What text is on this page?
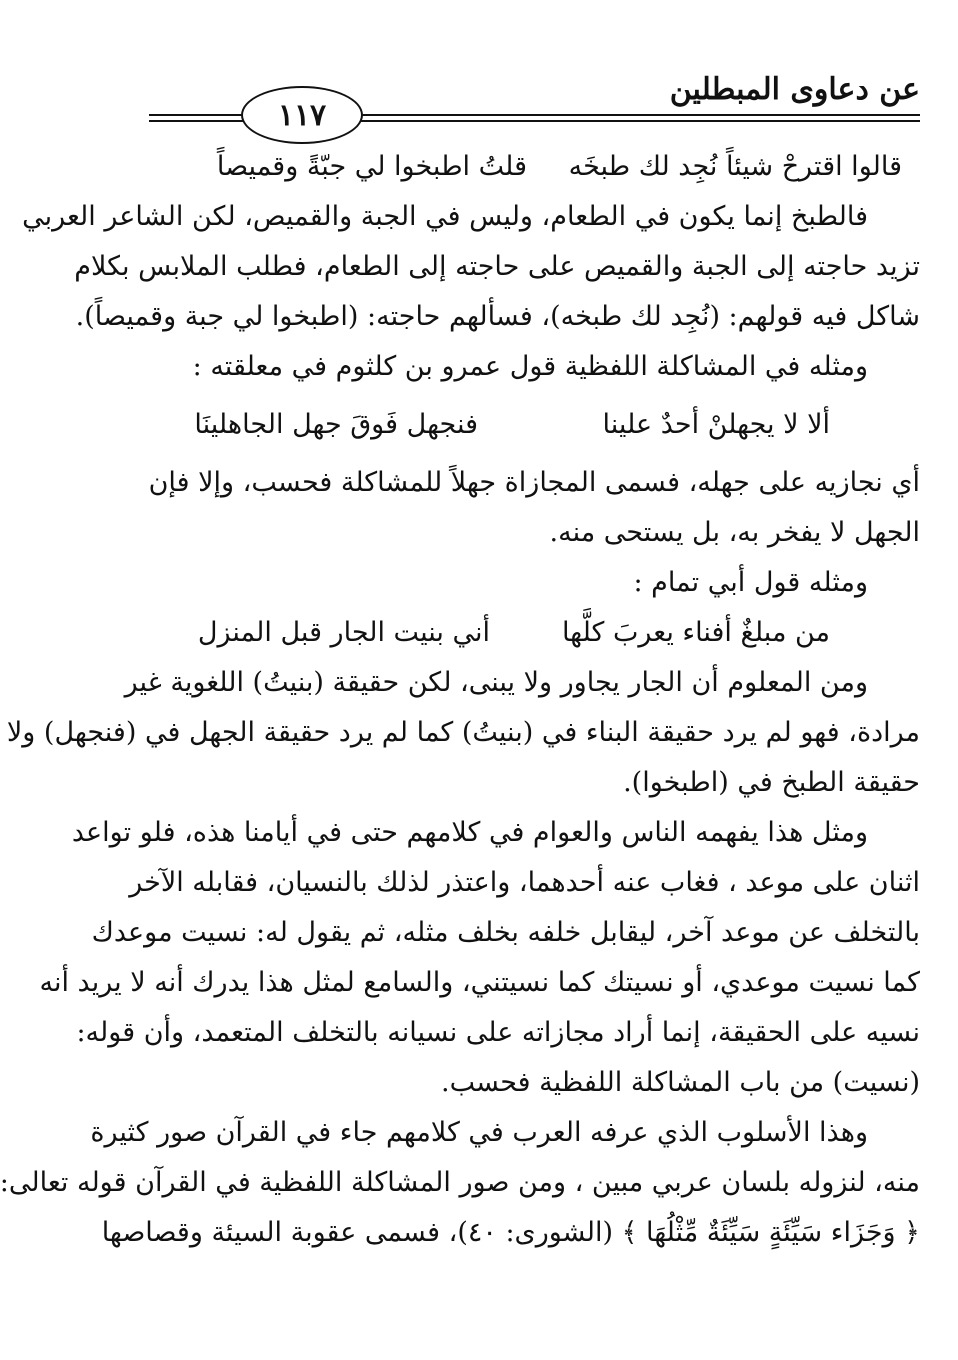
عن دعاوى المبطلين
١١٧
قالوا اقترحْ شيئاً نُجِد لك طبخَه
قلتُ اطبخوا لي جبّةً وقميصاً
فالطبخ إنما يكون في الطعام، وليس في الجبة والقميص، لكن الشاعر العربي
تزيد حاجته إلى الجبة والقميص على حاجته إلى الطعام، فطلب الملابس بكلام
شاكل فيه قولهم: (نُجِد لك طبخه)، فسألهم حاجته: (اطبخوا لي جبة وقميصاً).
ومثله في المشاكلة اللفظية قول عمرو بن كلثوم في معلقته :
ألا لا يجهلنْ أحدٌ علينا
فنجهل فَوقَ جهل الجاهلينَا
أي نجازيه على جهله، فسمى المجازاة جهلاً للمشاكلة فحسب، وإلا فإن
الجهل لا يفخر به، بل يستحى منه.
ومثله قول أبي تمام :
من مبلغٌ أفناء يعربَ كلَّها
أني بنيت الجار قبل المنزل
ومن المعلوم أن الجار يجاور ولا يبنى، لكن حقيقة (بنيتُ) اللغوية غير
مرادة، فهو لم يرد حقيقة البناء في (بنيتُ) كما لم يرد حقيقة الجهل في (فنجهل) ولا
حقيقة الطبخ في (اطبخوا).
ومثل هذا يفهمه الناس والعوام في كلامهم حتى في أيامنا هذه، فلو تواعد
اثنان على موعد ، فغاب عنه أحدهما، واعتذر لذلك بالنسيان، فقابله الآخر
بالتخلف عن موعد آخر، ليقابل خلفه بخلف مثله، ثم يقول له: نسيت موعدك
كما نسيت موعدي، أو نسيتك كما نسيتني، والسامع لمثل هذا يدرك أنه لا يريد أنه
نسيه على الحقيقة، إنما أراد مجازاته على نسيانه بالتخلف المتعمد، وأن قوله:
(نسيت) من باب المشاكلة اللفظية فحسب.
وهذا الأسلوب الذي عرفه العرب في كلامهم جاء في القرآن صور كثيرة
منه، لنزوله بلسان عربي مبين ، ومن صور المشاكلة اللفظية في القرآن قوله تعالى:
﴿ وَجَزَاء سَيِّئَةٍ سَيِّئَةٌ مِّثْلُهَا ﴾ (الشورى: ٤٠)، فسمى عقوبة السيئة وقصاصها
